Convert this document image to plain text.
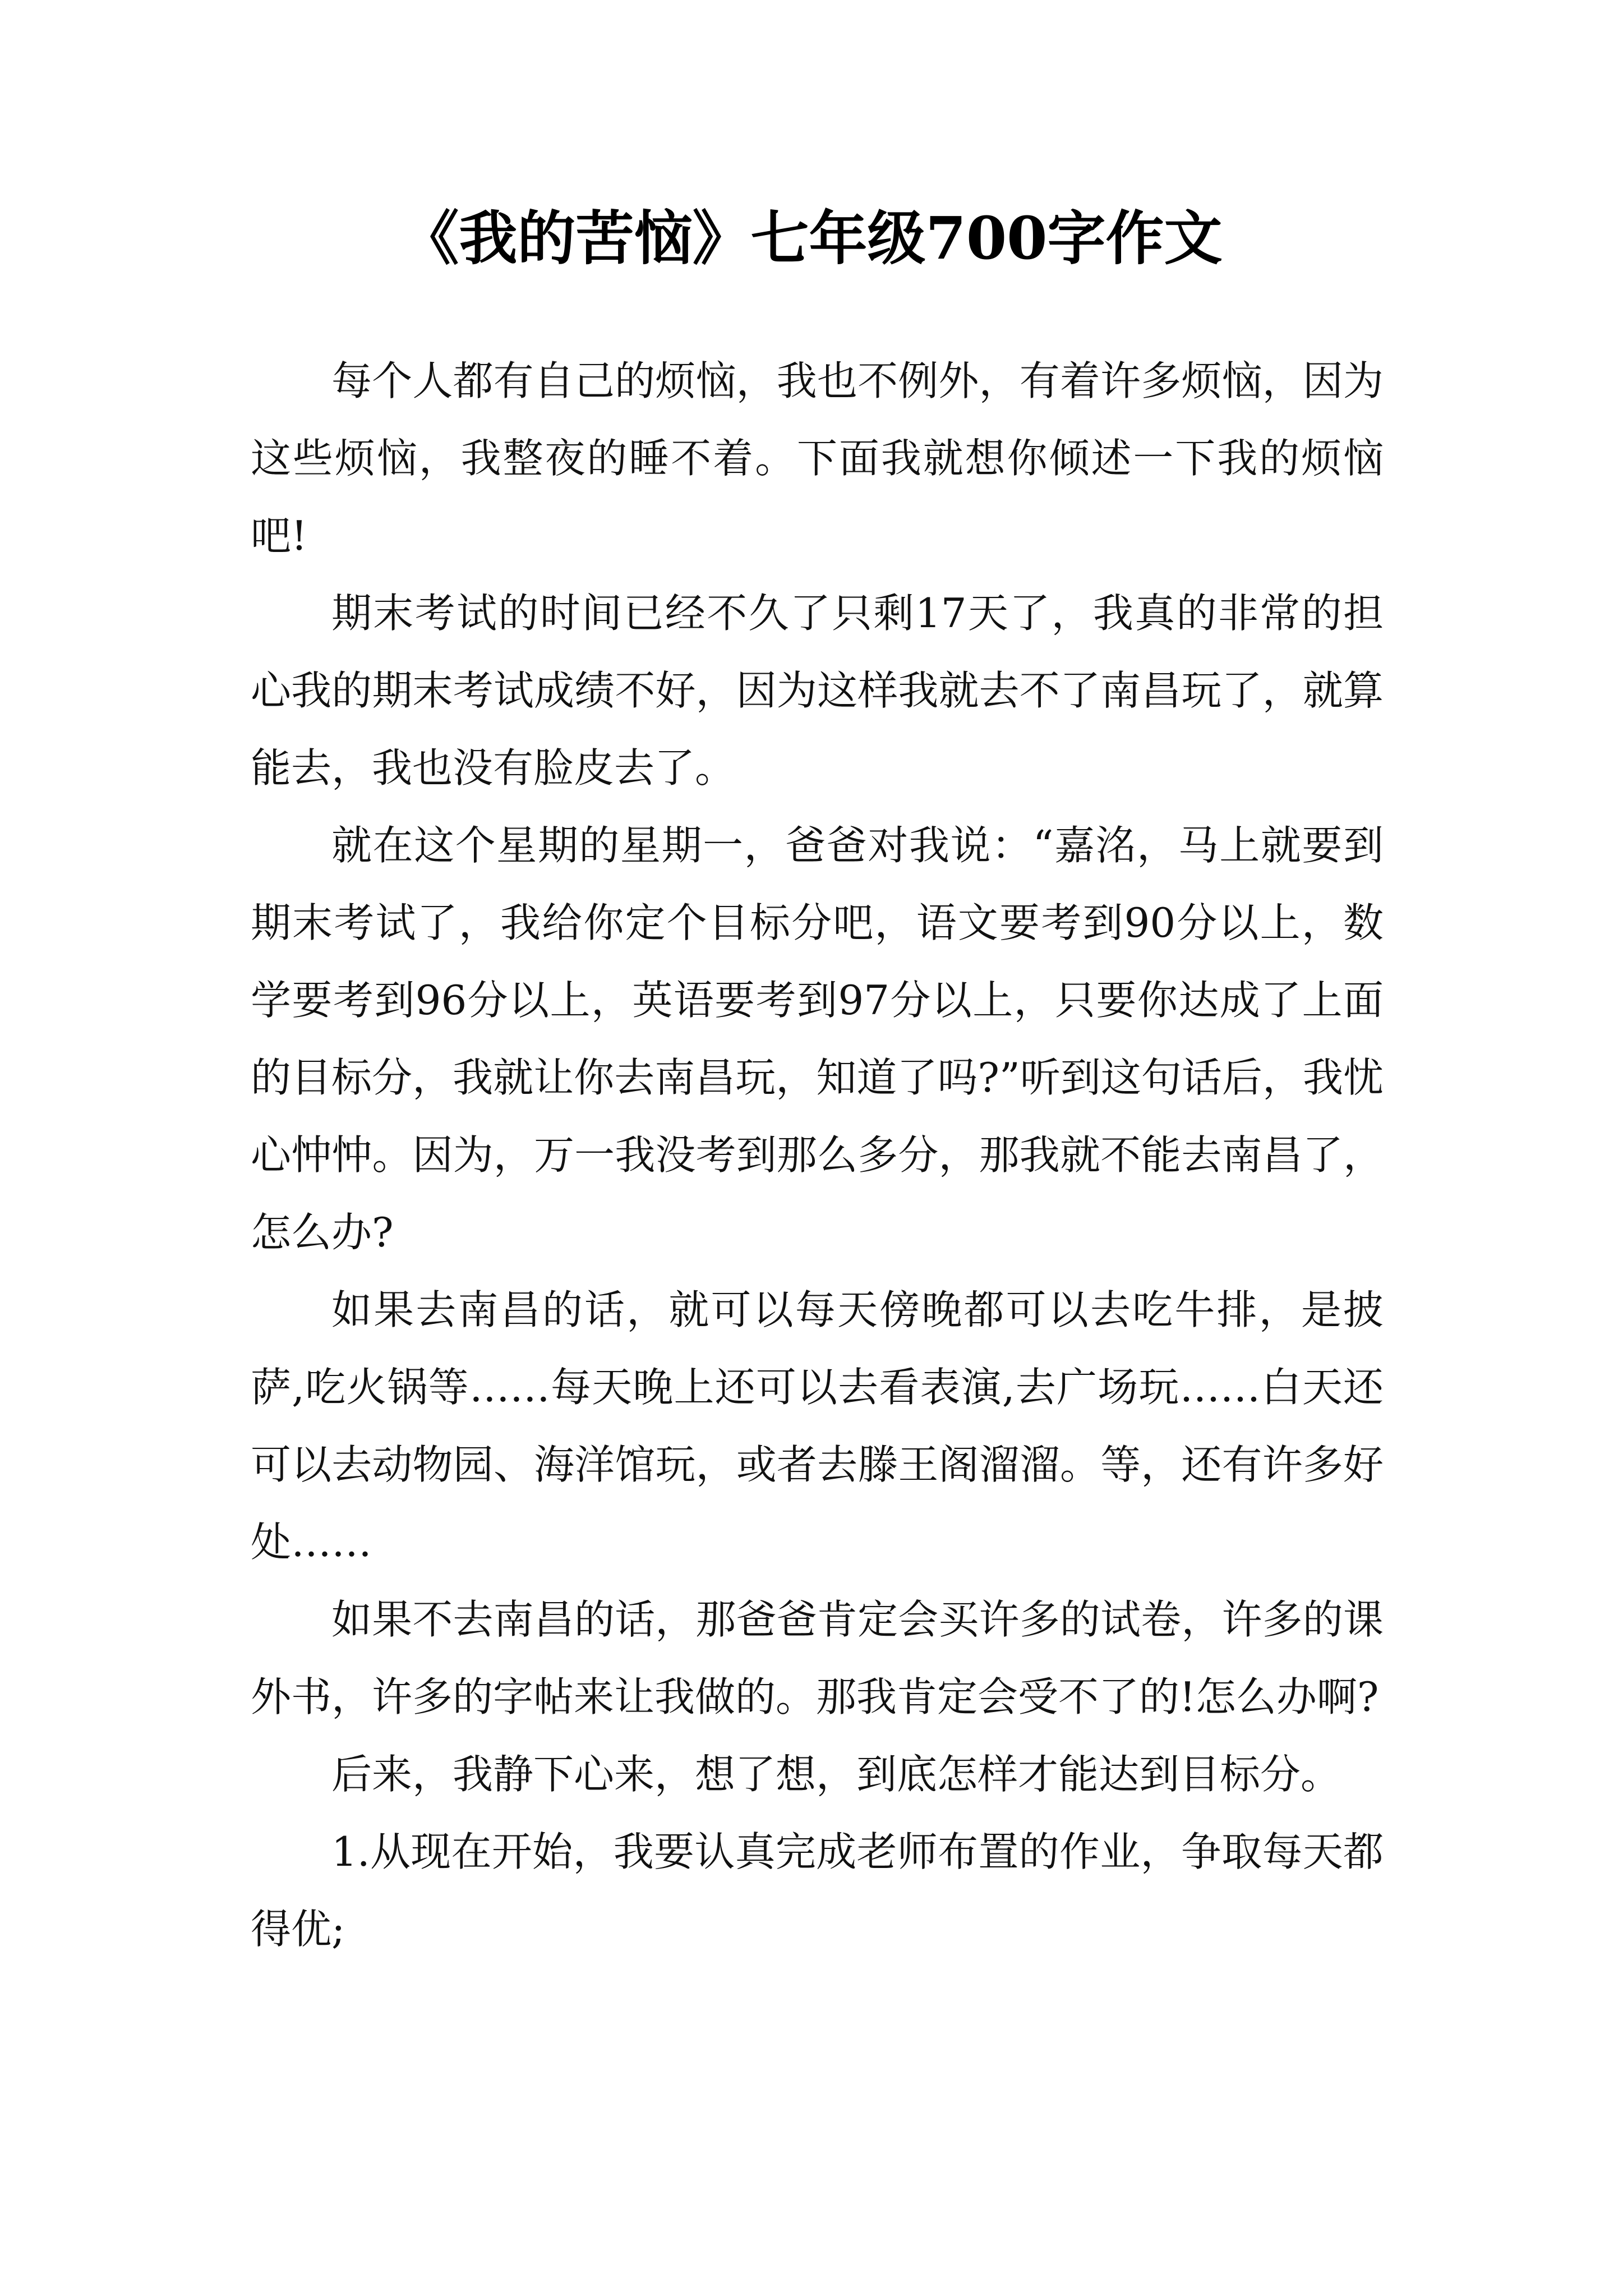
《我的苦恼》七年级700字作文

每个人都有自己的烦恼，我也不例外，有着许多烦恼，因为这些烦恼，我整夜的睡不着。下面我就想你倾述一下我的烦恼吧!

期末考试的时间已经不久了只剩17天了，我真的非常的担心我的期末考试成绩不好，因为这样我就去不了南昌玩了，就算能去，我也没有脸皮去了。

就在这个星期的星期一，爸爸对我说：“嘉洺，马上就要到期末考试了，我给你定个目标分吧，语文要考到90分以上，数学要考到96分以上，英语要考到97分以上，只要你达成了上面的目标分，我就让你去南昌玩，知道了吗?”听到这句话后，我忧心忡忡。因为，万一我没考到那么多分，那我就不能去南昌了，怎么办?

如果去南昌的话，就可以每天傍晚都可以去吃牛排，是披萨,吃火锅等……每天晚上还可以去看表演,去广场玩……白天还可以去动物园、海洋馆玩，或者去滕王阁溜溜。等，还有许多好处……

如果不去南昌的话，那爸爸肯定会买许多的试卷，许多的课外书，许多的字帖来让我做的。那我肯定会受不了的!怎么办啊?

后来，我静下心来，想了想，到底怎样才能达到目标分。

1.从现在开始，我要认真完成老师布置的作业，争取每天都得优;
